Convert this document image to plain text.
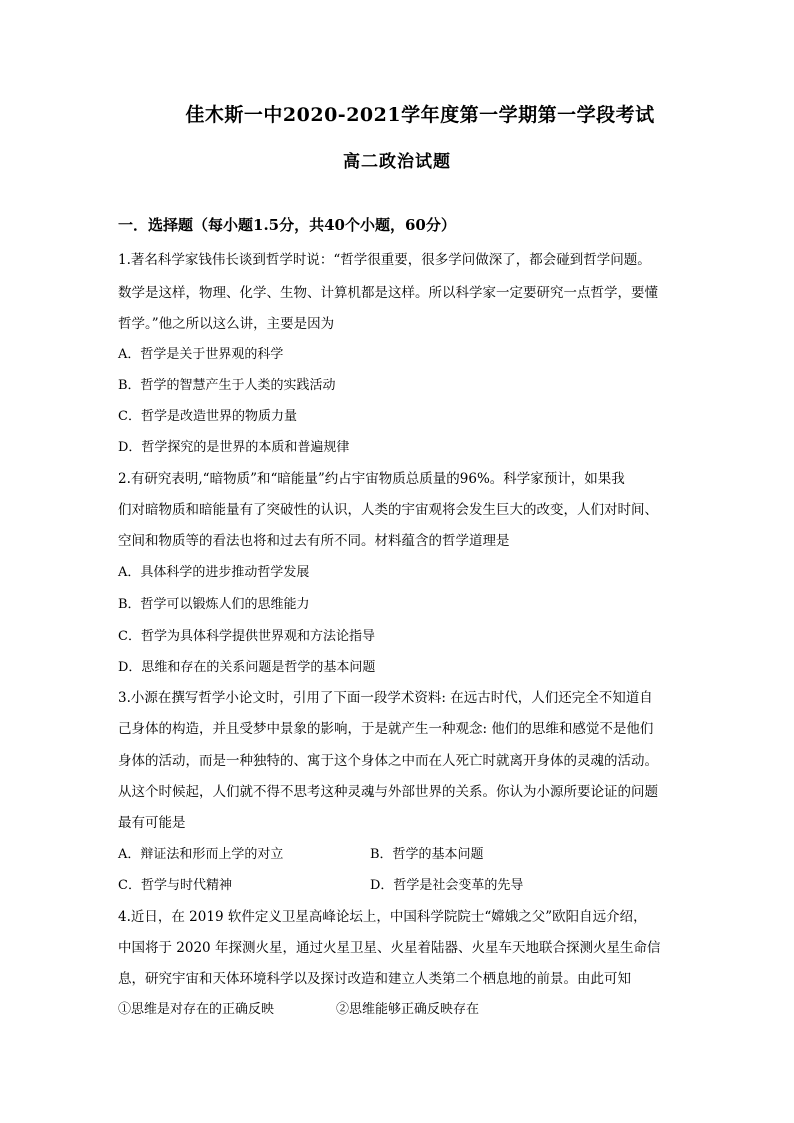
佳木斯一中2020-2021学年度第一学期第一学段考试
高二政治试题
一．选择题（每小题1.5分，共40个小题，60分）
1.著名科学家钱伟长谈到哲学时说：“哲学很重要，很多学问做深了，都会碰到哲学问题。
数学是这样，物理、化学、生物、计算机都是这样。所以科学家一定要研究一点哲学，要懂
哲学。”他之所以这么讲，主要是因为
A．哲学是关于世界观的科学
B．哲学的智慧产生于人类的实践活动
C．哲学是改造世界的物质力量
D．哲学探究的是世界的本质和普遍规律
2.有研究表明,“暗物质”和“暗能量”约占宇宙物质总质量的96%。科学家预计，如果我
们对暗物质和暗能量有了突破性的认识，人类的宇宙观将会发生巨大的改变，人们对时间、
空间和物质等的看法也将和过去有所不同。材料蕴含的哲学道理是
A．具体科学的进步推动哲学发展
B．哲学可以锻炼人们的思维能力
C．哲学为具体科学提供世界观和方法论指导
D．思维和存在的关系问题是哲学的基本问题
3.小源在撰写哲学小论文时，引用了下面一段学术资料: 在远古时代，人们还完全不知道自
己身体的构造，并且受梦中景象的影响，于是就产生一种观念: 他们的思维和感觉不是他们
身体的活动，而是一种独特的、寓于这个身体之中而在人死亡时就离开身体的灵魂的活动。
从这个时候起，人们就不得不思考这种灵魂与外部世界的关系。你认为小源所要论证的问题
最有可能是
A．辩证法和形而上学的对立	B．哲学的基本问题
C．哲学与时代精神	D．哲学是社会变革的先导
4.近日，在 2019 软件定义卫星高峰论坛上，中国科学院院士“嫦娥之父”欧阳自远介绍，
中国将于 2020 年探测火星，通过火星卫星、火星着陆器、火星车天地联合探测火星生命信
息，研究宇宙和天体环境科学以及探讨改造和建立人类第二个栖息地的前景。由此可知
①思维是对存在的正确反映	②思维能够正确反映存在
